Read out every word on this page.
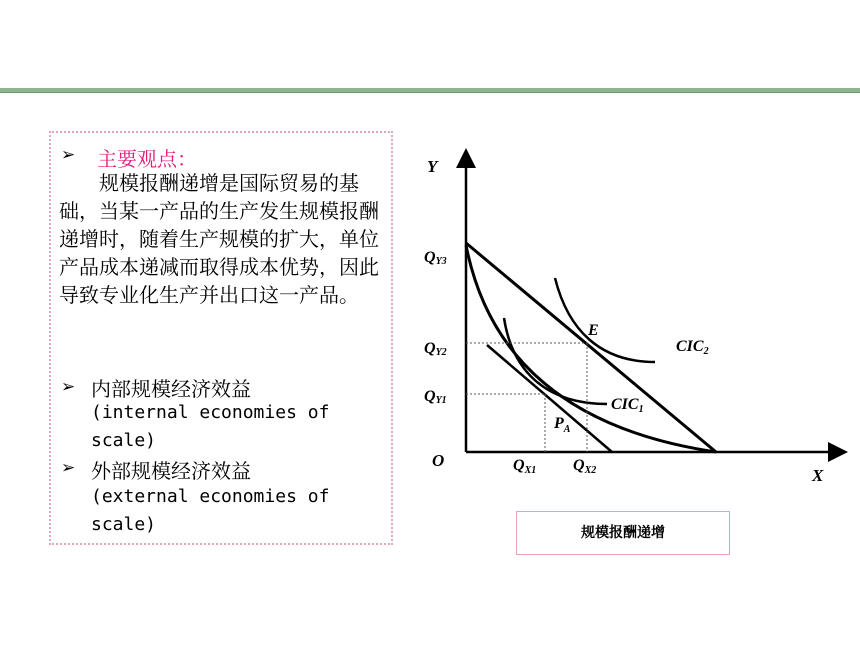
➢ 主要观点：
规模报酬递增是国际贸易的基础，当某一产品的生产发生规模报酬递增时，随着生产规模的扩大，单位产品成本递减而取得成本优势，因此导致专业化生产并出口这一产品。
➢ 内部规模经济效益
(internal economies of scale)
➢ 外部规模经济效益
(external economies of scale)
Y
X
O
QY3
QY2
QY1
QX1 QX2
E
$P_A$
CIC1
CIC2
规模报酬递增
